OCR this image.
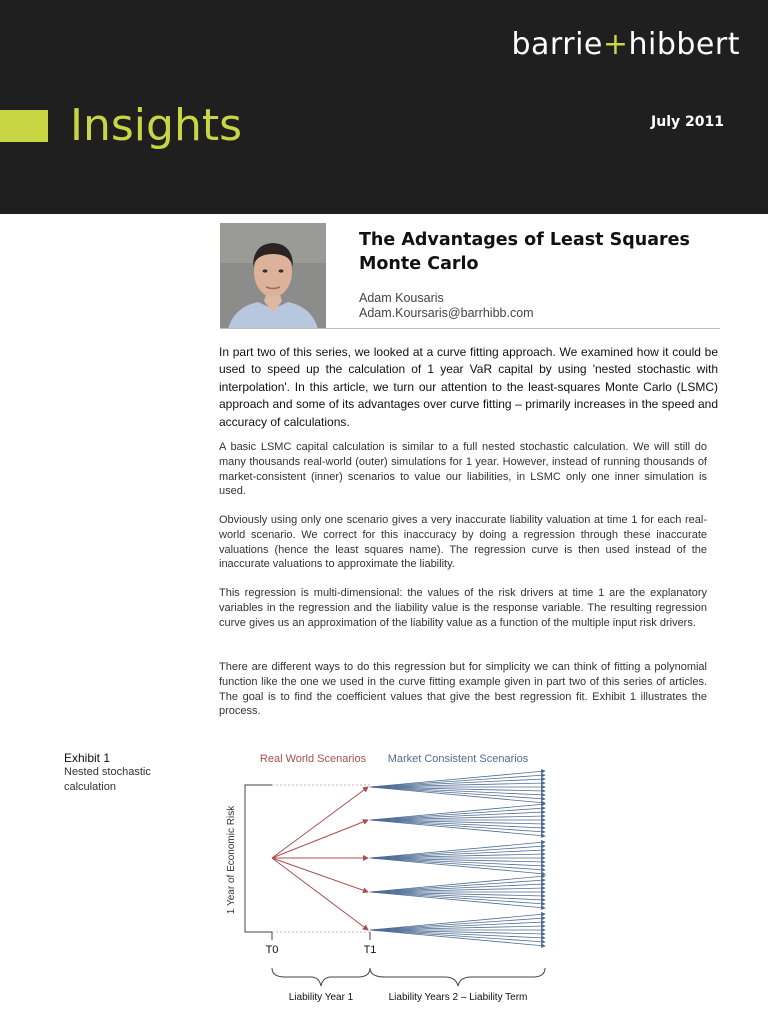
barrie+hibbert
Insights	July 2011
The Advantages of Least Squares Monte Carlo
Adam Kousaris
Adam.Koursaris@barrhibb.com

In part two of this series, we looked at a curve fitting approach. We examined how it could be used to speed up the calculation of 1 year VaR capital by using 'nested stochastic with interpolation'. In this article, we turn our attention to the least-squares Monte Carlo (LSMC) approach and some of its advantages over curve fitting – primarily increases in the speed and accuracy of calculations.

A basic LSMC capital calculation is similar to a full nested stochastic calculation. We will still do many thousands real-world (outer) simulations for 1 year. However, instead of running thousands of market-consistent (inner) scenarios to value our liabilities, in LSMC only one inner simulation is used.

Obviously using only one scenario gives a very inaccurate liability valuation at time 1 for each real-world scenario. We correct for this inaccuracy by doing a regression through these inaccurate valuations (hence the least squares name). The regression curve is then used instead of the inaccurate valuations to approximate the liability.

This regression is multi-dimensional: the values of the risk drivers at time 1 are the explanatory variables in the regression and the liability value is the response variable. The resulting regression curve gives us an approximation of the liability value as a function of the multiple input risk drivers.

There are different ways to do this regression but for simplicity we can think of fitting a polynomial function like the one we used in the curve fitting example given in part two of this series of articles. The goal is to find the coefficient values that give the best regression fit. Exhibit 1 illustrates the process.

Exhibit 1
Nested stochastic calculation
Real World Scenarios Market Consistent Scenarios
1 Year of Economic Risk
T0	T1
Liability Year 1	Liability Years 2 – Liability Term
